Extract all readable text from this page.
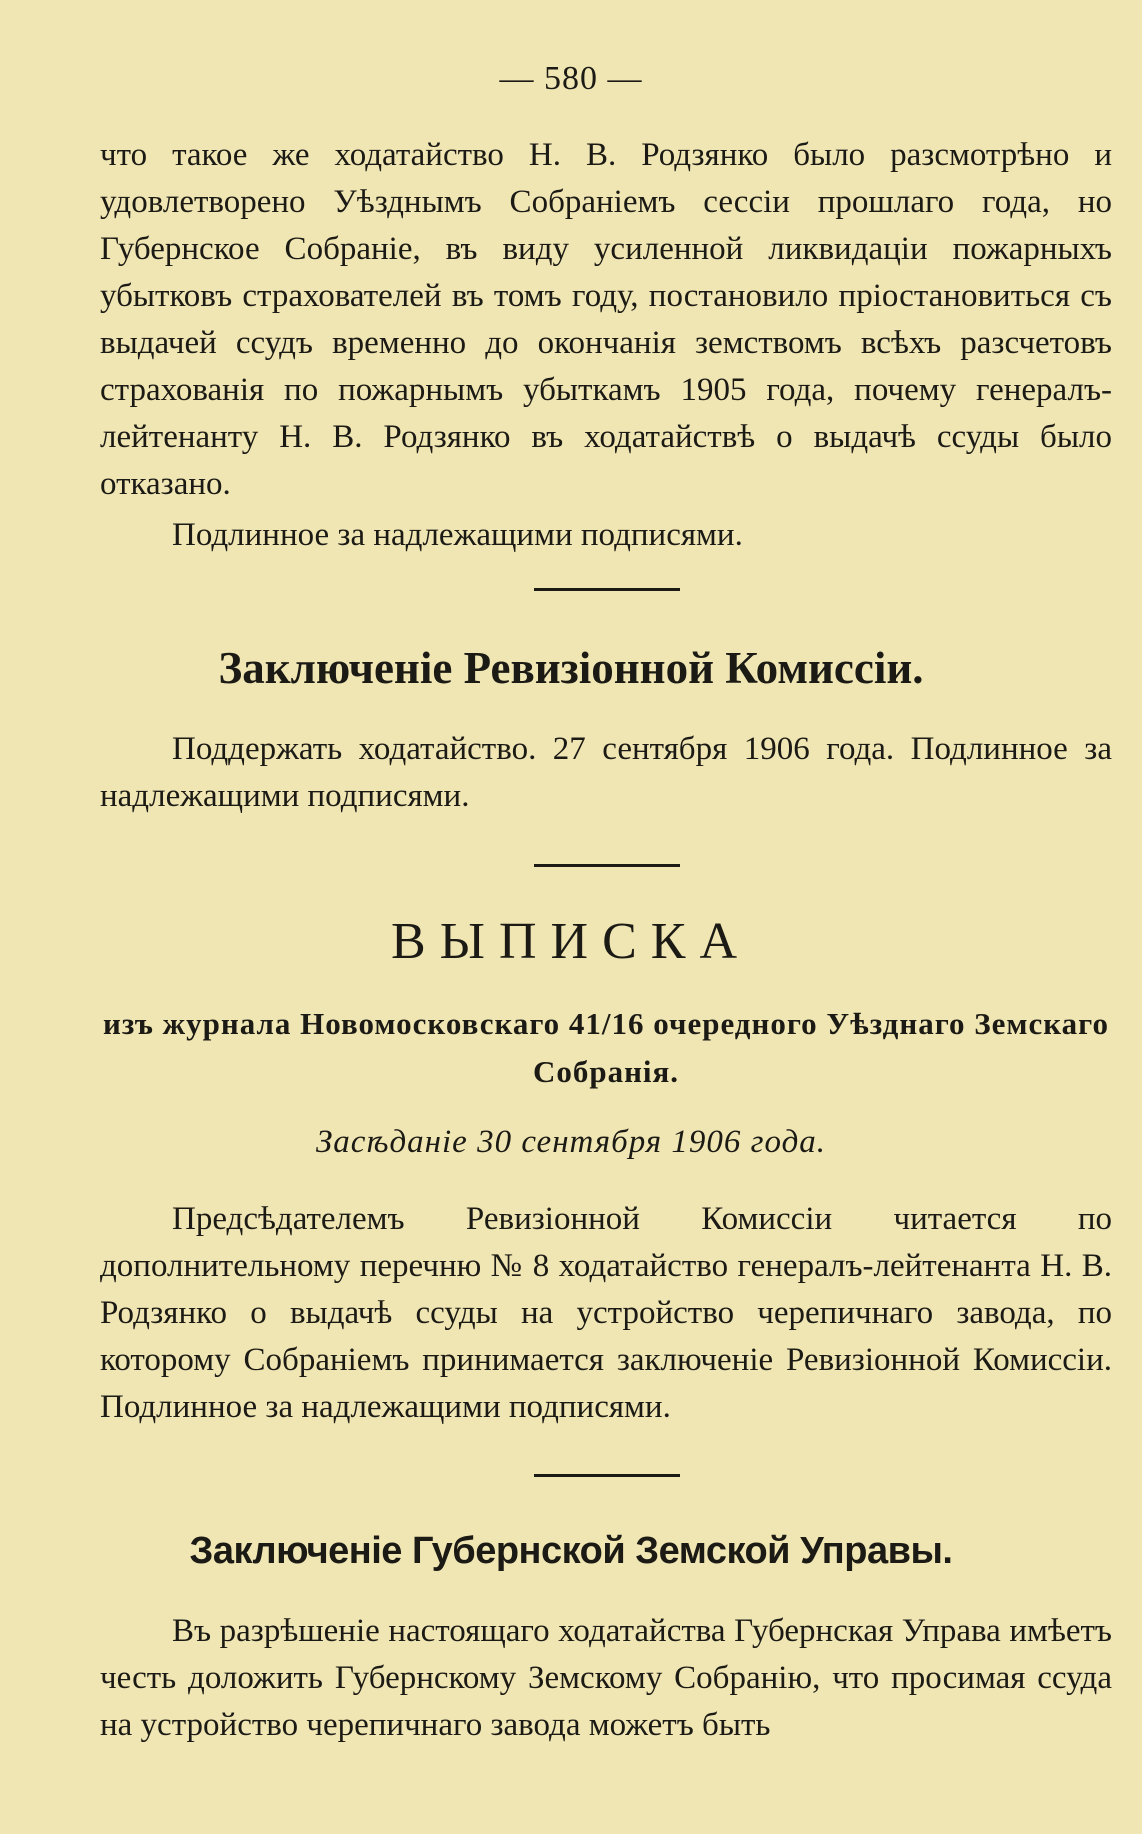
— 580 —

что такое же ходатайство Н. В. Родзянко было разсмотрѣно и удовлетворено Уѣзднымъ Собраніемъ сессіи прошлаго года, но Губернское Собраніе, въ виду усиленной ликвидаціи пожарныхъ убытковъ страхователей въ томъ году, постановило пріостановиться съ выдачей ссудъ временно до окончанія земствомъ всѣхъ разсчетовъ страхованія по пожарнымъ убыткамъ 1905 года, почему генералъ-лейтенанту Н. В. Родзянко въ ходатайствѣ о выдачѣ ссуды было отказано.

Подлинное за надлежащими подписями.

Заключеніе Ревизіонной Комиссіи.

Поддержать ходатайство. 27 сентября 1906 года. Подлинное за надлежащими подписями.

ВЫПИСКА
изъ журнала Новомосковскаго 41/16 очередного Уѣзднаго Земскаго Собранія.
Засѣданіе 30 сентября 1906 года.

Предсѣдателемъ Ревизіонной Комиссіи читается по дополнительному перечню № 8 ходатайство генералъ-лейтенанта Н. В. Родзянко о выдачѣ ссуды на устройство черепичнаго завода, по которому Собраніемъ принимается заключеніе Ревизіонной Комиссіи. Подлинное за надлежащими подписями.

Заключеніе Губернской Земской Управы.

Въ разрѣшеніе настоящаго ходатайства Губернская Управа имѣетъ честь доложить Губернскому Земскому Собранію, что просимая ссуда на устройство черепичнаго завода можетъ быть
